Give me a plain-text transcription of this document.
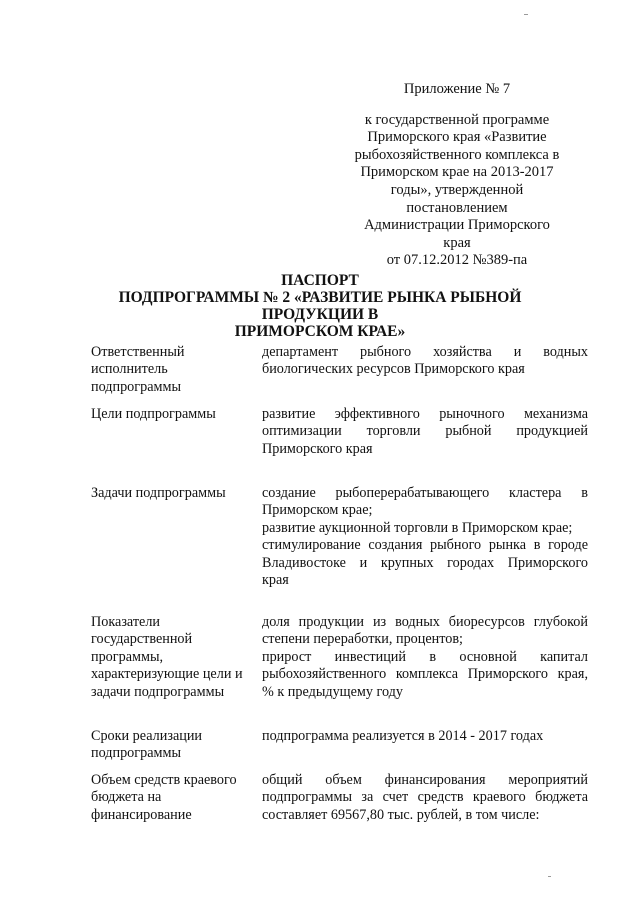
Приложение № 7
к государственной программе
Приморского края «Развитие
рыбохозяйственного комплекса в
Приморском крае на 2013-2017
годы», утвержденной
постановлением
Администрации Приморского края
от 07.12.2012 №389-па
ПАСПОРТ
ПОДПРОГРАММЫ № 2 «РАЗВИТИЕ РЫНКА РЫБНОЙ ПРОДУКЦИИ В
ПРИМОРСКОМ КРАЕ»
Ответственный
исполнитель
подпрограммы
департамент рыбного хозяйства и водных
биологических ресурсов Приморского края
Цели подпрограммы	развитие эффективного рыночного механизма
оптимизации торговли рыбной продукцией
Приморского края
Задачи подпрограммы	создание рыбоперерабатывающего кластера в
Приморском крае;
развитие аукционной торговли в Приморском крае;
стимулирование создания рыбного рынка в городе
Владивостоке и крупных городах Приморского
края
Показатели
государственной
программы,
характеризующие цели и
задачи подпрограммы
доля продукции из водных биоресурсов глубокой
степени переработки, процентов;
прирост инвестиций в основной капитал
рыбохозяйственного комплекса Приморского края,
% к предыдущему году
Сроки реализации
подпрограммы
подпрограмма реализуется в 2014 - 2017 годах
Объем средств краевого
бюджета на
финансирование
общий объем финансирования мероприятий
подпрограммы за счет средств краевого бюджета
составляет 69567,80 тыс. рублей, в том числе:
